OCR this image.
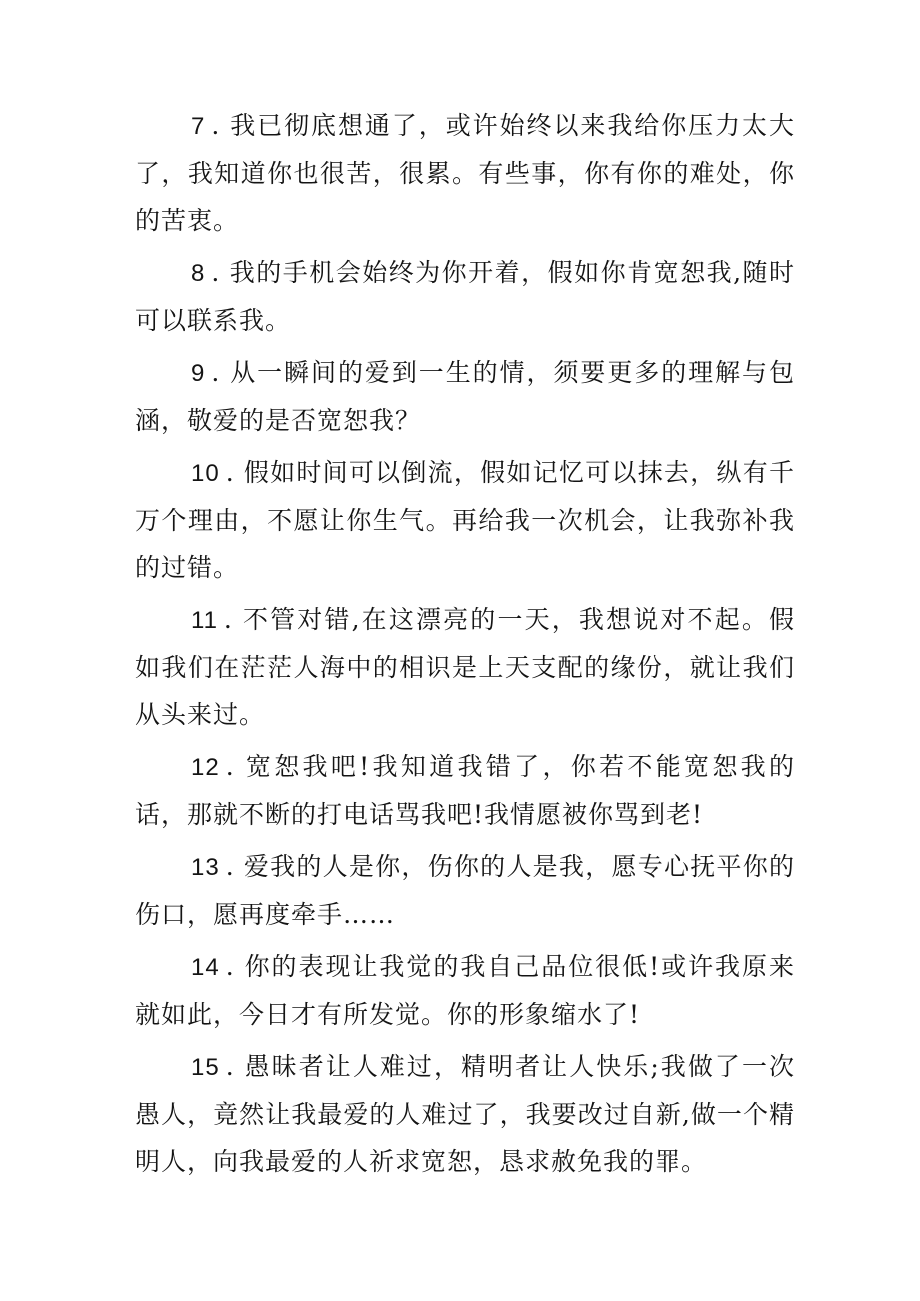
7 . 我已彻底想通了，或许始终以来我给你压力太大了，我知道你也很苦，很累。有些事，你有你的难处，你的苦衷。

8 . 我的手机会始终为你开着，假如你肯宽恕我,随时可以联系我。

9 . 从一瞬间的爱到一生的情，须要更多的理解与包涵，敬爱的是否宽恕我？

10 . 假如时间可以倒流，假如记忆可以抹去，纵有千万个理由，不愿让你生气。再给我一次机会，让我弥补我的过错。

11 . 不管对错,在这漂亮的一天，我想说对不起。假如我们在茫茫人海中的相识是上天支配的缘份，就让我们从头来过。

12 . 宽恕我吧!我知道我错了，你若不能宽恕我的话，那就不断的打电话骂我吧!我情愿被你骂到老!

13 . 爱我的人是你，伤你的人是我，愿专心抚平你的伤口，愿再度牵手……

14 . 你的表现让我觉的我自己品位很低!或许我原来就如此，今日才有所发觉。你的形象缩水了!

15 . 愚昧者让人难过，精明者让人快乐;我做了一次愚人，竟然让我最爱的人难过了，我要改过自新,做一个精明人，向我最爱的人祈求宽恕，恳求赦免我的罪。
